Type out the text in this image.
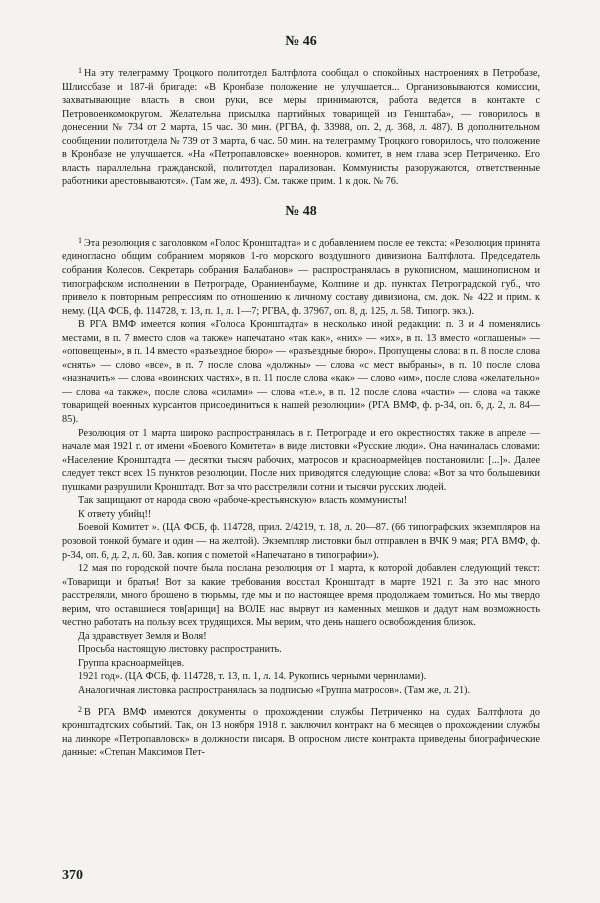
№ 46

$^1$ На эту телеграмму Троцкого политотдел Балтфлота сообщал о спокойных настроениях в Петробазе, Шлиссбазе и 187-й бригаде: «В Кронбазе положение не улучшается... Организовываются комиссии, захватывающие власть в свои руки, все меры принимаются, работа ведется в контакте с Петровоенкомокругом. Желательна присылка партийных товарищей из Генштаба», — говорилось в донесении № 734 от 2 марта, 15 час. 30 мин. (РГВА, ф. 33988, оп. 2, д. 368, л. 487). В дополнительном сообщении политотдела № 739 от 3 марта, 6 час. 50 мин. на телеграмму Троцкого говорилось, что положение в Кронбазе не улучшается. «На «Петропавловске» военноров. комитет, в нем глава эсер Петриченко. Его власть параллельна гражданской, политотдел парализован. Коммунисты разоружаются, ответственные работники арестовываются». (Там же, л. 493). См. также прим. 1 к док. № 76.

№ 48

$^1$ Эта резолюция с заголовком «Голос Кронштадта» и с добавлением после ее текста: «Резолюция принята единогласно общим собранием моряков 1-го морского воздушного дивизиона Балтфлота. Председатель собрания Колесов. Секретарь собрания Балабанов» — распространялась в рукописном, машинописном и типографском исполнении в Петрограде, Ораниенбауме, Колпине и др. пунктах Петроградской губ., что привело к повторным репрессиям по отношению к личному составу дивизиона, см. док. № 422 и прим. к нему. (ЦА ФСБ, ф. 114728, т. 13, п. 1, л. 1—7; РГВА, ф. 37967, оп. 8, д. 125, л. 58. Типогр. экз.).

В РГА ВМФ имеется копия «Голоса Кронштадта» в несколько иной редакции: п. 3 и 4 поменялись местами, в п. 7 вместо слов «а также» напечатано «так как», «них» — «их», в п. 13 вместо «оглашены» — «оповещены», в п. 14 вместо «разъездное бюро» — «разъездные бюро». Пропущены слова: в п. 8 после слова «снять» — слово «все», в п. 7 после слова «должны» — слова «с мест выбраны», в п. 10 после слова «назначить» — слова «воинских частях», в п. 11 после слова «как» — слово «им», после слова «желательно» — слова «а также», после слова «силами» — слова «т.е.», в п. 12 после слова «части» — слова «а также товарищей военных курсантов присоединиться к нашей резолюции» (РГА ВМФ, ф. р-34, оп. 6, д. 2, л. 84—85).

Резолюция от 1 марта широко распространялась в г. Петрограде и его окрестностях также в апреле — начале мая 1921 г. от имени «Боевого Комитета» в виде листовки «Русские люди». Она начиналась словами: «Население Кронштадта — десятки тысяч рабочих, матросов и красноармейцев постановили: [...]». Далее следует текст всех 15 пунктов резолюции. После них приводятся следующие слова: «Вот за что большевики пушками разрушили Кронштадт. Вот за что расстреляли сотни и тысячи русских людей.

Так защищают от народа свою «рабоче-крестьянскую» власть коммунисты!

К ответу убийц!!

Боевой Комитет ». (ЦА ФСБ, ф. 114728, прил. 2/4219, т. 18, л. 20—87. (66 типографских экземпляров на розовой тонкой бумаге и один — на желтой). Экземпляр листовки был отправлен в ВЧК 9 мая; РГА ВМФ, ф. р-34, оп. 6, д. 2, л. 60. Зав. копия с пометой «Напечатано в типографии»).

12 мая по городской почте была послана резолюция от 1 марта, к которой добавлен следующий текст: «Товарищи и братья! Вот за какие требования восстал Кронштадт в марте 1921 г. За это нас много расстреляли, много брошено в тюрьмы, где мы и по настоящее время продолжаем томиться. Но мы твердо верим, что оставшиеся тов[арищи] на ВОЛЕ нас вырвут из каменных мешков и дадут нам возможность честно работать на пользу всех трудящихся. Мы верим, что день нашего освобождения близок.

Да здравствует Земля и Воля!

Просьба настоящую листовку распространить.

Группа красноармейцев.

1921 год». (ЦА ФСБ, ф. 114728, т. 13, п. 1, л. 14. Рукопись черными чернилами).

Аналогичная листовка распространялась за подписью «Группа матросов». (Там же, л. 21).

$^2$ В РГА ВМФ имеются документы о прохождении службы Петриченко на судах Балтфлота до кронштадтских событий. Так, он 13 ноября 1918 г. заключил контракт на 6 месяцев о прохождении службы на линкоре «Петропавловск» в должности писаря. В опросном листе контракта приведены биографические данные: «Степан Максимов Пет-

370
